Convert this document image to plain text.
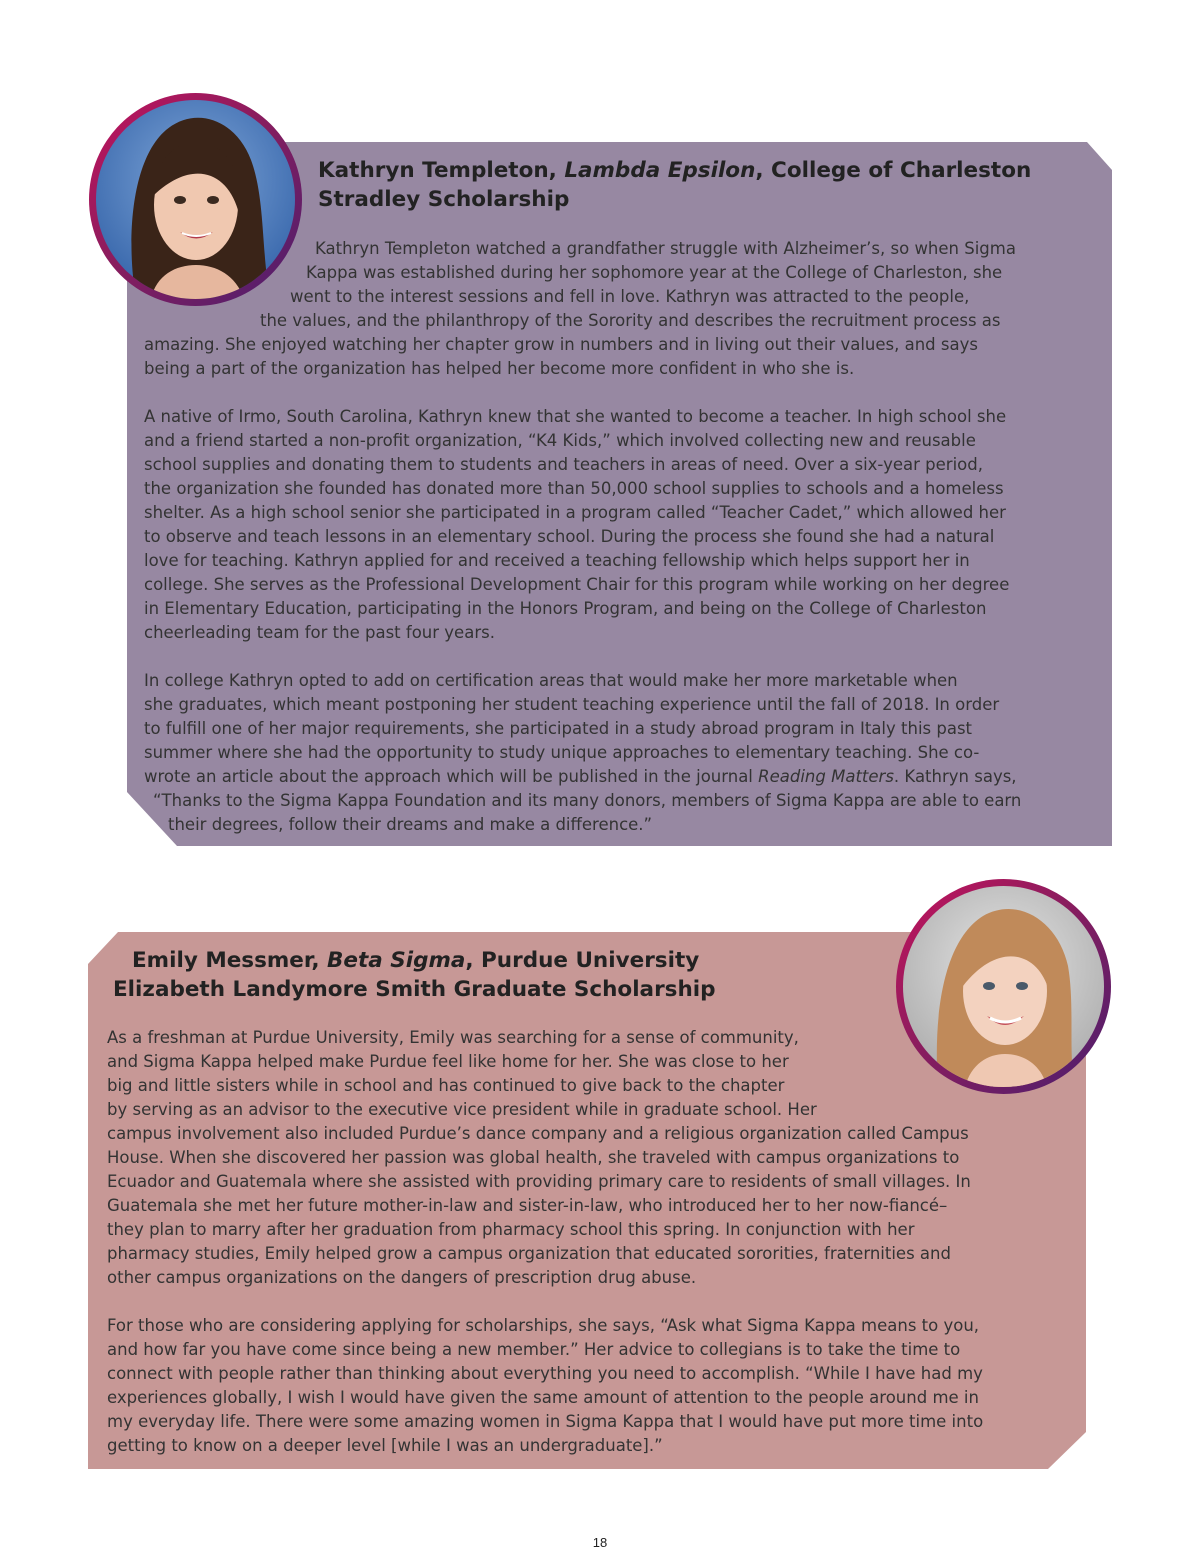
Kathryn Templeton, Lambda Epsilon, College of Charleston
Stradley Scholarship
Kathryn Templeton watched a grandfather struggle with Alzheimer’s, so when Sigma
Kappa was established during her sophomore year at the College of Charleston, she
went to the interest sessions and fell in love. Kathryn was attracted to the people,
the values, and the philanthropy of the Sorority and describes the recruitment process as
amazing. She enjoyed watching her chapter grow in numbers and in living out their values, and says
being a part of the organization has helped her become more confident in who she is.
A native of Irmo, South Carolina, Kathryn knew that she wanted to become a teacher. In high school she
and a friend started a non-profit organization, “K4 Kids,” which involved collecting new and reusable
school supplies and donating them to students and teachers in areas of need. Over a six-year period,
the organization she founded has donated more than 50,000 school supplies to schools and a homeless
shelter. As a high school senior she participated in a program called “Teacher Cadet,” which allowed her
to observe and teach lessons in an elementary school. During the process she found she had a natural
love for teaching. Kathryn applied for and received a teaching fellowship which helps support her in
college. She serves as the Professional Development Chair for this program while working on her degree
in Elementary Education, participating in the Honors Program, and being on the College of Charleston
cheerleading team for the past four years.
In college Kathryn opted to add on certification areas that would make her more marketable when
she graduates, which meant postponing her student teaching experience until the fall of 2018. In order
to fulfill one of her major requirements, she participated in a study abroad program in Italy this past
summer where she had the opportunity to study unique approaches to elementary teaching. She co-
wrote an article about the approach which will be published in the journal Reading Matters. Kathryn says,
“Thanks to the Sigma Kappa Foundation and its many donors, members of Sigma Kappa are able to earn
their degrees, follow their dreams and make a difference.”
Emily Messmer, Beta Sigma, Purdue University
Elizabeth Landymore Smith Graduate Scholarship
As a freshman at Purdue University, Emily was searching for a sense of community,
and Sigma Kappa helped make Purdue feel like home for her. She was close to her
big and little sisters while in school and has continued to give back to the chapter
by serving as an advisor to the executive vice president while in graduate school. Her
campus involvement also included Purdue’s dance company and a religious organization called Campus
House. When she discovered her passion was global health, she traveled with campus organizations to
Ecuador and Guatemala where she assisted with providing primary care to residents of small villages. In
Guatemala she met her future mother-in-law and sister-in-law, who introduced her to her now-fiancé–
they plan to marry after her graduation from pharmacy school this spring. In conjunction with her
pharmacy studies, Emily helped grow a campus organization that educated sororities, fraternities and
other campus organizations on the dangers of prescription drug abuse.
For those who are considering applying for scholarships, she says, “Ask what Sigma Kappa means to you,
and how far you have come since being a new member.” Her advice to collegians is to take the time to
connect with people rather than thinking about everything you need to accomplish. “While I have had my
experiences globally, I wish I would have given the same amount of attention to the people around me in
my everyday life. There were some amazing women in Sigma Kappa that I would have put more time into
getting to know on a deeper level [while I was an undergraduate].”
18
